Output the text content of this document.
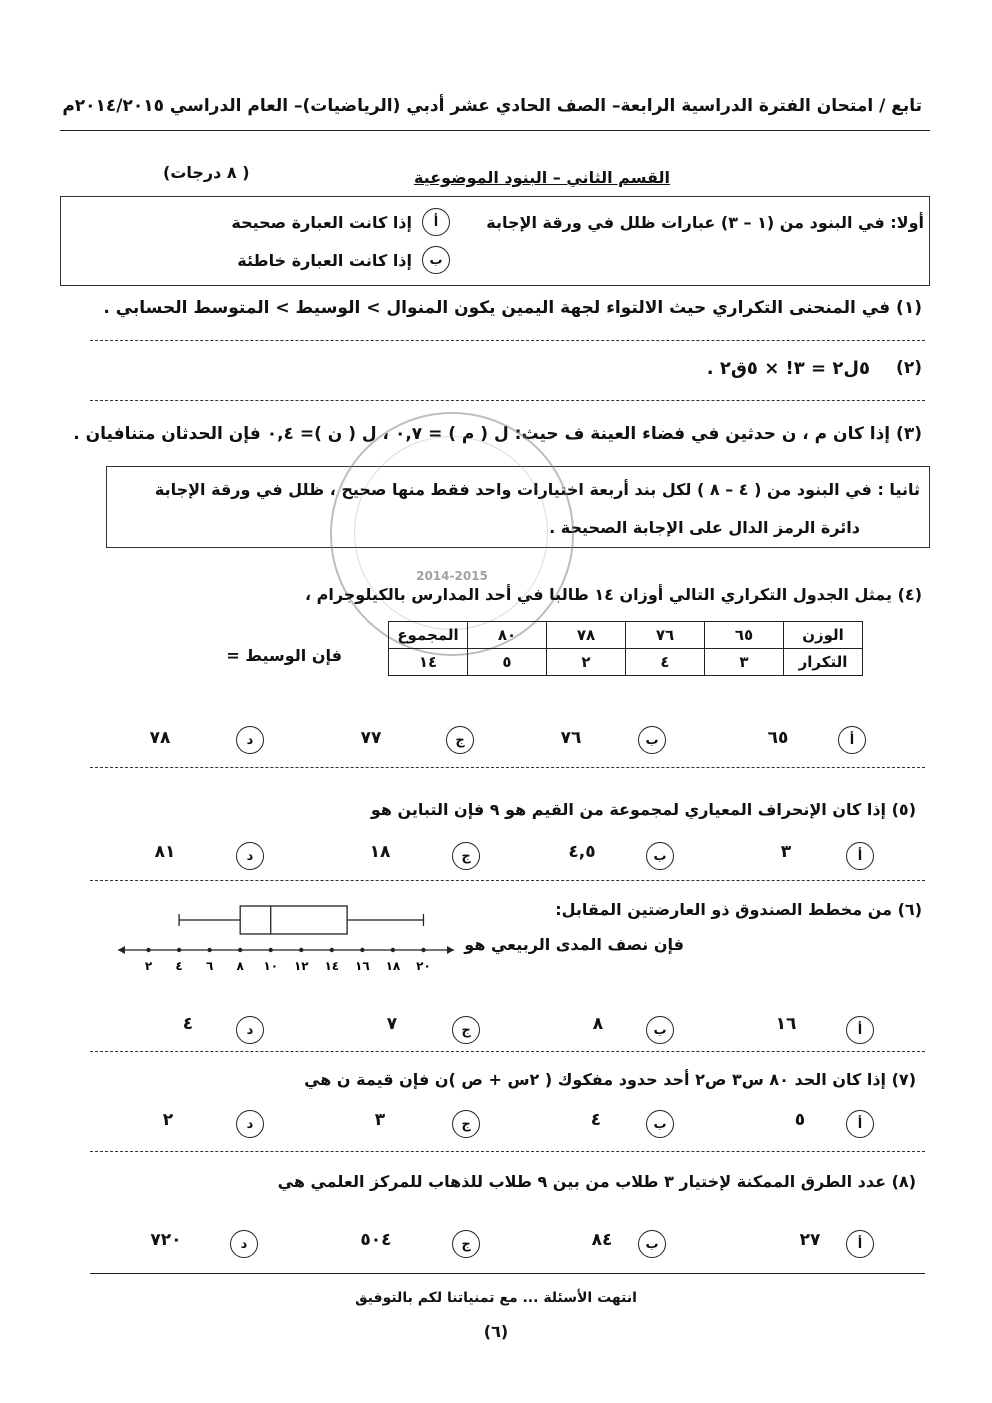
تابع / امتحان الفترة الدراسية الرابعة– الصف الحادي عشر أدبي (الرياضيات)– العام الدراسي ٢٠١٤/٢٠١٥م
القسم الثاني – البنود الموضوعية
( ٨ درجات)
أولا: في البنود من (١ – ٣) عبارات ظلل في ورقة الإجابة
أ
إذا كانت العبارة صحيحة
ب
إذا كانت العبارة خاطئة
(١) في المنحنى التكراري حيث الالتواء لجهة اليمين يكون المنوال > الوسيط > المتوسط الحسابي .
(٢)
٥ل٢ = ٣! × ٥ق٢ .
(٣) إذا كان م ، ن حدثين في فضاء العينة ف حيث: ل ( م ) = ٠,٧ ، ل ( ن )= ٠,٤ فإن الحدثان متنافيان .
ثانيا : في البنود من ( ٤ – ٨ ) لكل بند أربعة اختيارات واحد فقط منها صحيح ، ظلل في ورقة الإجابة
دائرة الرمز الدال على الإجابة الصحيحة .
2014-2015
(٤) يمثل الجدول التكراري التالي أوزان ١٤ طالبا في أحد المدارس بالكيلوجرام ،
الوزن	٦٥	٧٦	٧٨	٨٠	المجموع
التكرار	٣	٤	٢	٥	١٤
فإن الوسيط =
أ
٦٥
ب
٧٦
ج
٧٧
د
٧٨
(٥) إذا كان الإنحراف المعياري لمجموعة من القيم هو ٩ فإن التباين هو
أ
٣
ب
٤,٥
ج
١٨
د
٨١
(٦) من مخطط الصندوق ذو العارضتين المقابل:
فإن نصف المدى الربيعي هو
٢ ٤ ٦ ٨ ١٠ ١٢ ١٤ ١٦ ١٨ ٢٠
أ
١٦
ب
٨
ج
٧
د
٤
(٧) إذا كان الحد ٨٠ س٣ ص٢ أحد حدود مفكوك ( ٢س + ص )ن فإن قيمة ن هي
أ
٥
ب
٤
ج
٣
د
٢
(٨) عدد الطرق الممكنة لإختيار ٣ طلاب من بين ٩ طلاب للذهاب للمركز العلمي هي
أ
٢٧
ب
٨٤
ج
٥٠٤
د
٧٢٠
انتهت الأسئلة ... مع تمنياتنا لكم بالتوفيق
(٦)
